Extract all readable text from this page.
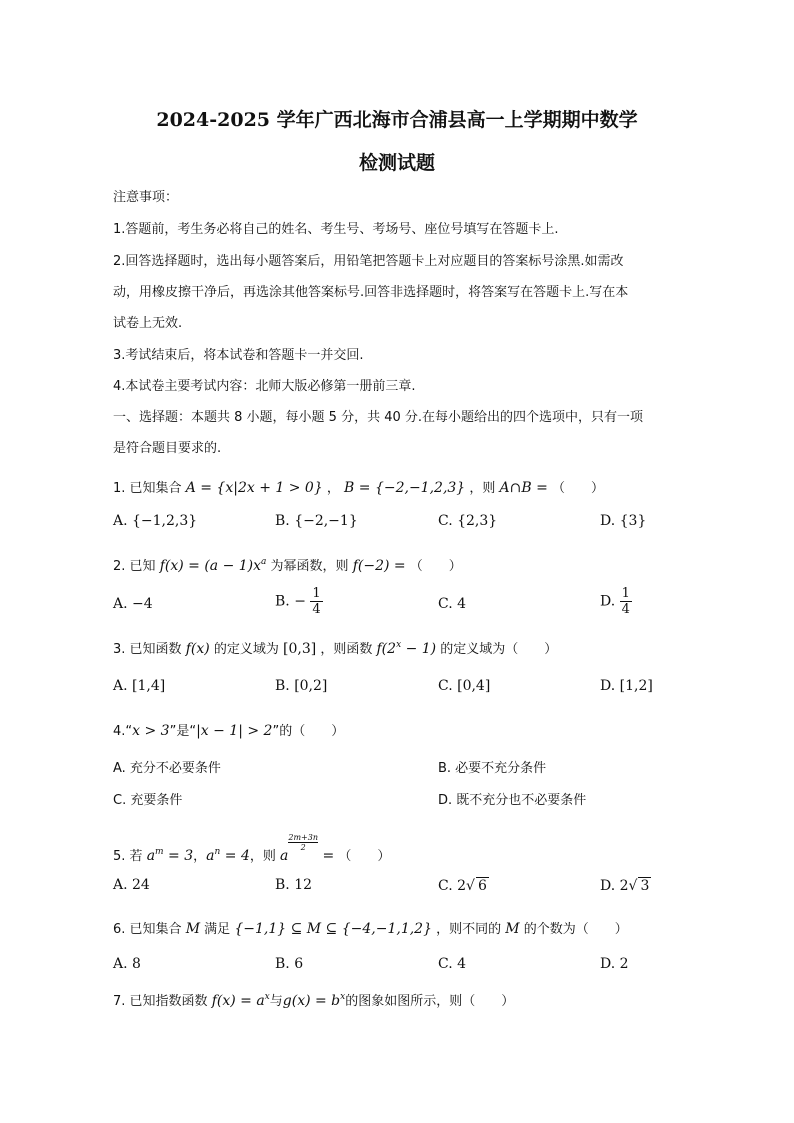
2024-2025 学年广西北海市合浦县高一上学期期中数学
检测试题
注意事项：
1.答题前，考生务必将自己的姓名、考生号、考场号、座位号填写在答题卡上.
2.回答选择题时，选出每小题答案后，用铅笔把答题卡上对应题目的答案标号涂黑.如需改
动，用橡皮擦干净后，再选涂其他答案标号.回答非选择题时，将答案写在答题卡上.写在本
试卷上无效.
3.考试结束后，将本试卷和答题卡一并交回.
4.本试卷主要考试内容：北师大版必修第一册前三章.
一、选择题：本题共 8 小题，每小题 5 分，共 40 分.在每小题给出的四个选项中，只有一项
是符合题目要求的.
1. 已知集合 A = {x|2x + 1 > 0} ， B = {−2,−1,2,3} ，则 A∩B = （　　）
A. {−1,2,3}	B. {−2,−1}	C. {2,3}	D. {3}
2. 已知 $f(x) = (a - 1)x^a$ 为幂函数，则 f(−2) = （　　）
A. −4	B. − $\frac{1}{4}$	C. 4	D. $\frac{1}{4}$
3. 已知函数 f(x) 的定义域为 [0,3] ，则函数 $f(2^x - 1)$ 的定义域为（　　）
A. [1,4]	B. [0,2]	C. [0,4]	D. [1,2]
4.“x > 3”是“|x − 1| > 2”的（　　）
A. 充分不必要条件	B. 必要不充分条件
C. 充要条件	D. 既不充分也不必要条件
5. 若 $a^m = 3$，$a^n = 4$，则 a
$\frac{2m+3n}{2}$ = （　　）
A. 24	B. 12	C. 2√ 6	D. 2√ 3
6. 已知集合 M 满足 {−1,1} ⊆ M ⊆ {−4,−1,1,2} ，则不同的 M 的个数为（　　）
A. 8	B. 6	C. 4	D. 2
7. 已知指数函数 $f(x) = a^x$与$g(x) = b^x$的图象如图所示，则（　　）
